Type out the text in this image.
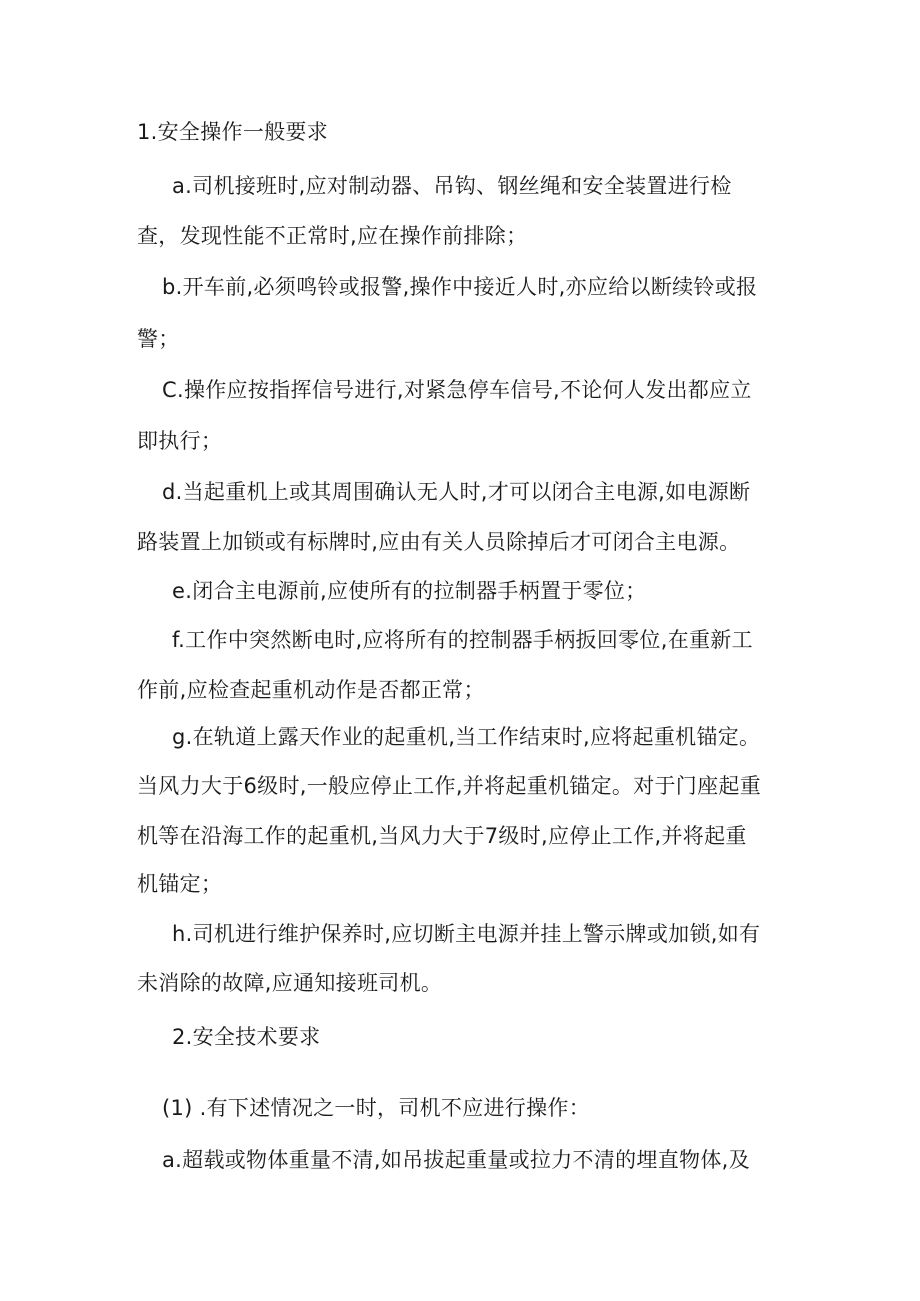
1.安全操作一般要求
a.司机接班时,应对制动器、吊钩、钢丝绳和安全装置进行检
查，发现性能不正常时,应在操作前排除；
b.开车前,必须鸣铃或报警,操作中接近人时,亦应给以断续铃或报
警；
C.操作应按指挥信号进行,对紧急停车信号,不论何人发出都应立
即执行；
d.当起重机上或其周围确认无人时,才可以闭合主电源,如电源断
路装置上加锁或有标牌时,应由有关人员除掉后才可闭合主电源。
e.闭合主电源前,应使所有的拉制器手柄置于零位；
f.工作中突然断电时,应将所有的控制器手柄扳回零位,在重新工
作前,应检查起重机动作是否都正常；
g.在轨道上露天作业的起重机,当工作结束时,应将起重机锚定。
当风力大于6级时,一般应停止工作,并将起重机锚定。对于门座起重
机等在沿海工作的起重机,当风力大于7级时,应停止工作,并将起重
机锚定；
h.司机进行维护保养时,应切断主电源并挂上警示牌或加锁,如有
未消除的故障,应通知接班司机。
2.安全技术要求
(1) .有下述情况之一时，司机不应进行操作：
a.超载或物体重量不清,如吊拔起重量或拉力不清的埋直物体,及
